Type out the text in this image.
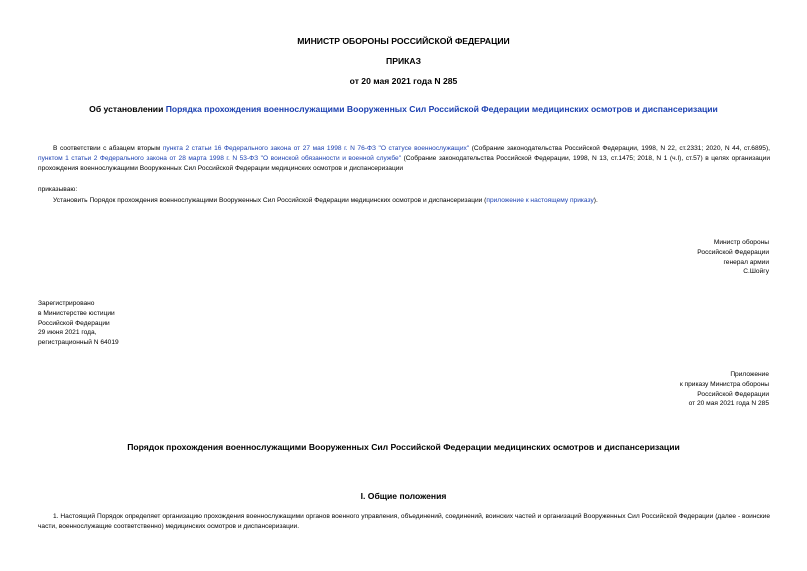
МИНИСТР ОБОРОНЫ РОССИЙСКОЙ ФЕДЕРАЦИИ
ПРИКАЗ
от 20 мая 2021 года N 285
Об установлении Порядка прохождения военнослужащими Вооруженных Сил Российской Федерации медицинских осмотров и диспансеризации
В соответствии с абзацем вторым пункта 2 статьи 16 Федерального закона от 27 мая 1998 г. N 76-ФЗ "О статусе военнослужащих" (Собрание законодательства Российской Федерации, 1998, N 22, ст.2331; 2020, N 44, ст.6895), пунктом 1 статьи 2 Федерального закона от 28 марта 1998 г. N 53-ФЗ "О воинской обязанности и военной службе" (Собрание законодательства Российской Федерации, 1998, N 13, ст.1475; 2018, N 1 (ч.I), ст.57) в целях организации прохождения военнослужащими Вооруженных Сил Российской Федерации медицинских осмотров и диспансеризации
приказываю:
Установить Порядок прохождения военнослужащими Вооруженных Сил Российской Федерации медицинских осмотров и диспансеризации (приложение к настоящему приказу).
Министр обороны
Российской Федерации
генерал армии
С.Шойгу
Зарегистрировано
в Министерстве юстиции
Российской Федерации
29 июня 2021 года,
регистрационный N 64019
Приложение
к приказу Министра обороны
Российской Федерации
от 20 мая 2021 года N 285
Порядок прохождения военнослужащими Вооруженных Сил Российской Федерации медицинских осмотров и диспансеризации
I. Общие положения
1. Настоящий Порядок определяет организацию прохождения военнослужащими органов военного управления, объединений, соединений, воинских частей и организаций Вооруженных Сил Российской Федерации (далее - воинские части, военнослужащие соответственно) медицинских осмотров и диспансеризации.
